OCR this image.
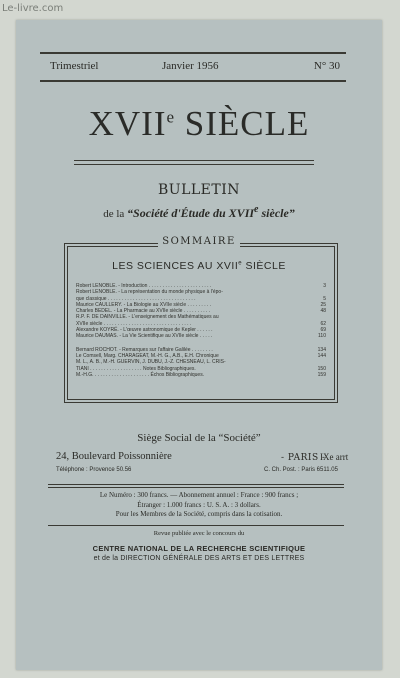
Le-livre.com
Trimestriel	Janvier 1956	N° 30
XVIIe SIÈCLE
BULLETIN
de la “Société d'Étude du XVIIe siècle”
SOMMAIRE
LES SCIENCES AU XVIIe SIÈCLE
Robert LENOBLE. - Introduction . . . . . . . . . . . . . . . . . . . . . . .	3
Robert LENOBLE. - La représentation du monde physique à l'épo-
que classique . . . . . . . . . . . . . . . . . . . . . . . . . . . . . . . .	5
Maurice CAULLERY. - La Biologie au XVIIe siècle . . . . . . . . .	25
Charles BEDEL. - La Pharmacie au XVIIe siècle . . . . . . . . . .	48
R.P. F. DE DAINVILLE. - L'enseignement des Mathématiques au
XVIIe siècle . . . . . . . . . . . . . . . . . . . . . . . . . . . . . . . .	62
Alexandre KOYRÉ. - L'œuvre astronomique de Kepler . . . . . .	69
Maurice DAUMAS. - La Vie Scientifique au XVIIe siècle . . . . .	110
Bernard ROCHOT. - Remarques sur l'affaire Galilée . . . . . . . .	134
Le Comsell, Marg. CHARAGEAT, M.-H. G., A.B., E.H. Chronique	144
M. L., A. B., M.-H. GUERVIN, J. DUBU, J.-Z. CHESNEAU, L. CRIS-
TIANI . . . . . . . . . . . . . . . . . . . Notes Bibliographiques.	150
M.-H.G. . . . . . . . . . . . . . . . . . . . . Échos Bibliographiques.	159
Siège Social de la “Société”
24, Boulevard Poissonnière	- PARIS -
IXe arrt
Téléphone : Provence 50.56	C. Ch. Post. : Paris 6511.05
Le Numéro : 300 francs. — Abonnement annuel : France : 900 francs ;
Étranger : 1.000 francs : U. S. A. : 3 dollars.
Pour les Membres de la Société, compris dans la cotisation.
Revue publiée avec le concours du
CENTRE NATIONAL DE LA RECHERCHE SCIENTIFIQUE
et de la DIRECTION GÉNÉRALE DES ARTS ET DES LETTRES
